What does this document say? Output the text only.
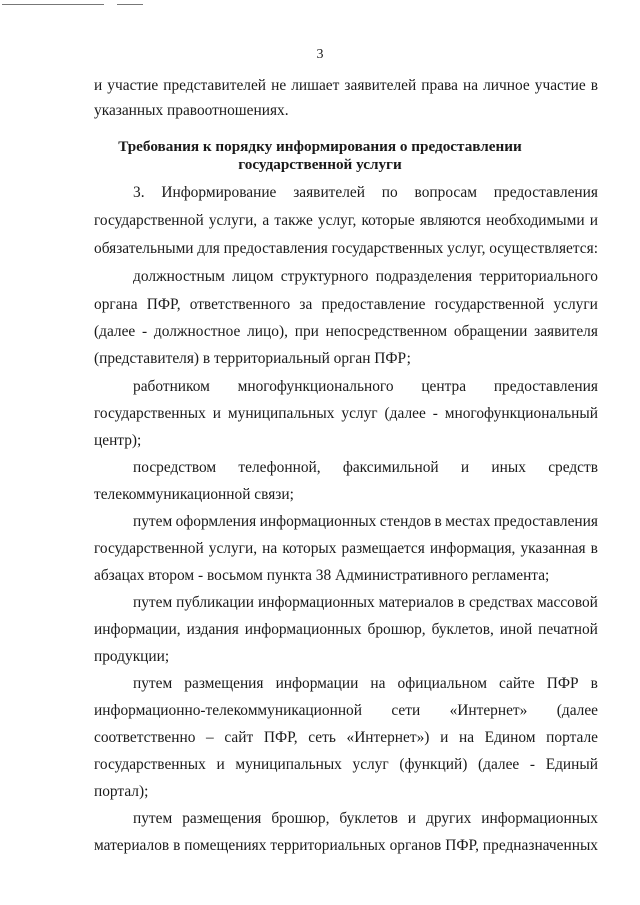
3
и участие представителей не лишает заявителей права на личное участие в
указанных правоотношениях.
3. Информирование заявителей по вопросам предоставления
государственной услуги, а также услуг, которые являются необходимыми и
обязательными для предоставления государственных услуг, осуществляется:
должностным лицом структурного подразделения территориального
органа ПФР, ответственного за предоставление государственной услуги
(далее - должностное лицо), при непосредственном обращении заявителя
(представителя) в территориальный орган ПФР;
работником многофункционального центра предоставления
государственных и муниципальных услуг (далее - многофункциональный
центр);
посредством телефонной, факсимильной и иных средств
телекоммуникационной связи;
путем оформления информационных стендов в местах предоставления
государственной услуги, на которых размещается информация, указанная в
абзацах втором - восьмом пункта 38 Административного регламента;
путем публикации информационных материалов в средствах массовой
информации, издания информационных брошюр, буклетов, иной печатной
продукции;
путем размещения информации на официальном сайте ПФР в
информационно-телекоммуникационной сети «Интернет» (далее
соответственно – сайт ПФР, сеть «Интернет») и на Едином портале
государственных и муниципальных услуг (функций) (далее - Единый
портал);
путем размещения брошюр, буклетов и других информационных
материалов в помещениях территориальных органов ПФР, предназначенных
Требования к порядку информирования о предоставлении
государственной услуги
